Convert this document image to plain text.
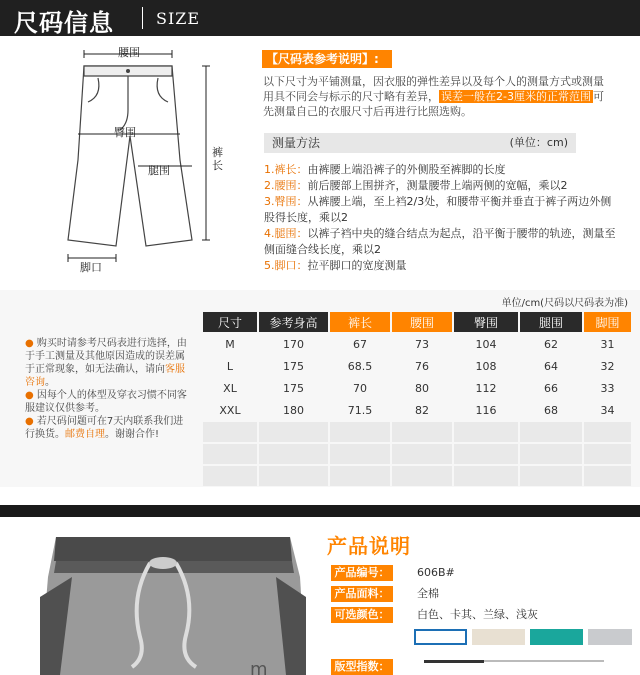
尺码信息	SIZE
腰围
臀围
腿围
裤长
脚口
【尺码表参考说明】:
以下尺寸为平铺测量，因衣服的弹性差异以及每个人的测量方式或测量用具不同会与标示的尺寸略有差异， 误差一般在2-3厘米的正常范围 可先测量自己的衣服尺寸后再进行比照选购。
测量方法	(单位：cm)
1.裤长：由裤腰上端沿裤子的外侧股至裤脚的长度
2.腰围：前后腰部上围拼齐，测量腰带上端两侧的宽幅，乘以2
3.臀围：从裤腰上端，至上裆2/3处，和腰带平衡并垂直于裤子两边外侧股得长度，乘以2
4.腿围：以裤子裆中央的缝合结点为起点，沿平衡于腰带的轨迹，测量至侧面缝合线长度，乘以2
5.脚口：拉平脚口的宽度测量
单位/cm(尺码以尺码表为准)

● 购买时请参考尺码表进行选择，由于手工测量及其他原因造成的误差属于正常现象，如无法确认，请向客服咨询。

● 因每个人的体型及穿衣习惯不同客服建议仅供参考。

● 若尺码问题可在7天内联系我们进行换货。邮费自理。谢谢合作!

尺寸	参考身高	裤长	腰围	臀围	腿围	脚围
M	170	67	73	104	62	31
L	175	68.5	76	108	64	32
XL	175	70	80	112	66	33
XXL	180	71.5	82	116	68	34

m
产品说明
产品编号：	606B#
产品面料：	全棉
可选颜色：	白色、卡其、兰绿、浅灰
版型指数：
